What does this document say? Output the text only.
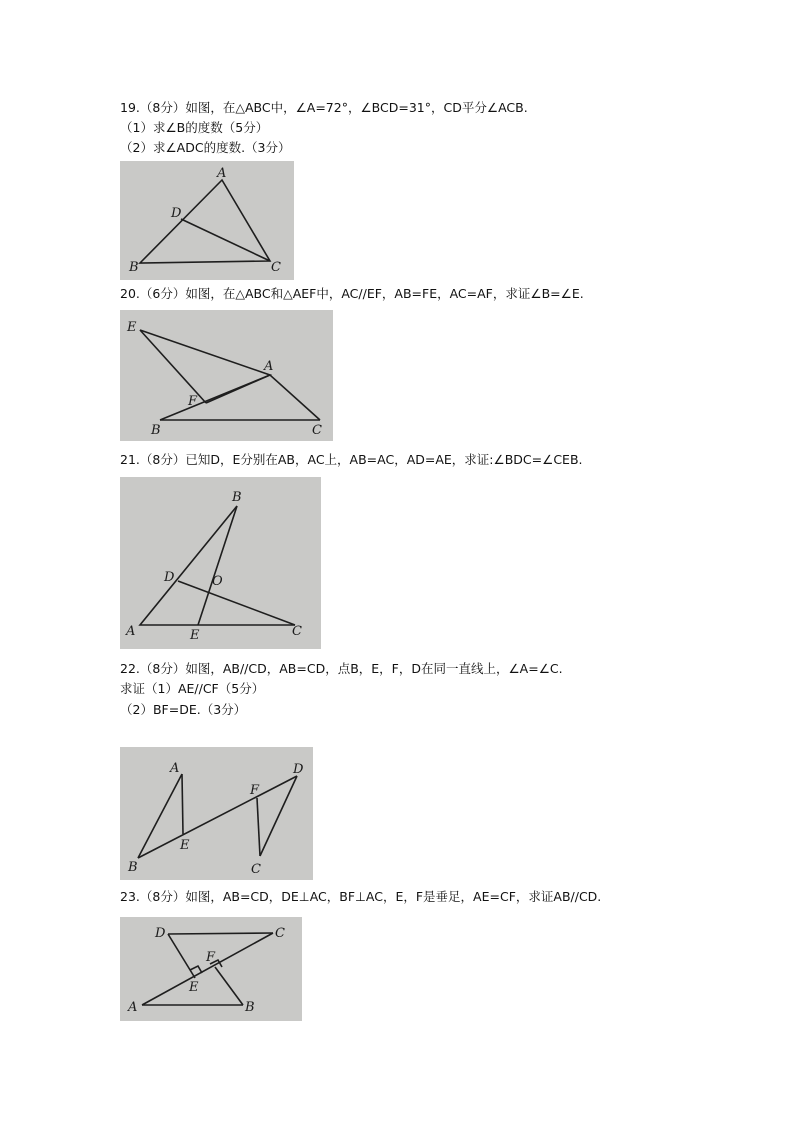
19.（8分）如图，在△ABC中，∠A=72°，∠BCD=31°，CD平分∠ACB.
（1）求∠B的度数（5分）
（2）求∠ADC的度数.（3分）
A
B	C
D
20.（6分）如图，在△ABC和△AEF中，AC//EF，AB=FE，AC=AF，求证∠B=∠E.
E
A
F
B	C
21.（8分）已知D，E分别在AB，AC上，AB=AC，AD=AE，求证:∠BDC=∠CEB.
B
D	O
A	E	C
22.（8分）如图，AB//CD，AB=CD，点B，E，F，D在同一直线上，∠A=∠C.
求证（1）AE//CF（5分）
（2）BF=DE.（3分）
A
B
E
F
D
C
23.（8分）如图，AB=CD，DE⊥AC，BF⊥AC，E，F是垂足，AE=CF，求证AB//CD.
D	C
F
E
A	B
